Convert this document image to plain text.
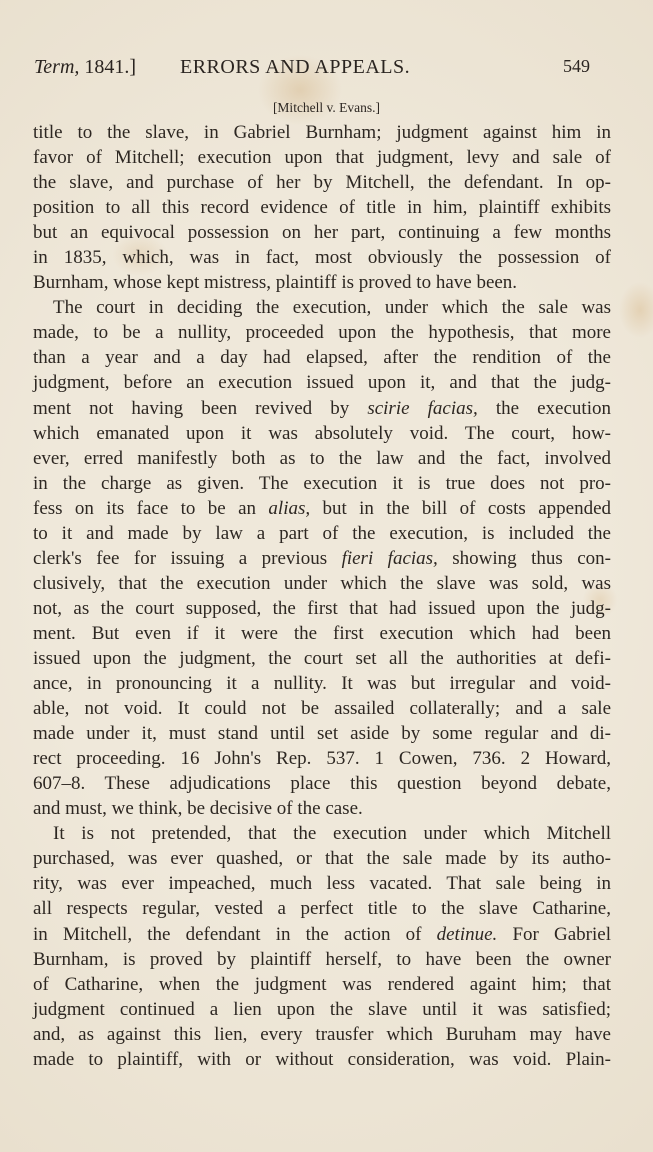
Term, 1841.] ERRORS AND APPEALS.	549
[Mitchell v. Evans.]
title to the slave, in Gabriel Burnham; judgment against him in
favor of Mitchell; execution upon that judgment, levy and sale of
the slave, and purchase of her by Mitchell, the defendant. In op-
position to all this record evidence of title in him, plaintiff exhibits
but an equivocal possession on her part, continuing a few months
in 1835, which, was in fact, most obviously the possession of
Burnham, whose kept mistress, plaintiff is proved to have been.
The court in deciding the execution, under which the sale was
made, to be a nullity, proceeded upon the hypothesis, that more
than a year and a day had elapsed, after the rendition of the
judgment, before an execution issued upon it, and that the judg-
ment not having been revived by scirie facias, the execution
which emanated upon it was absolutely void. The court, how-
ever, erred manifestly both as to the law and the fact, involved
in the charge as given. The execution it is true does not pro-
fess on its face to be an alias, but in the bill of costs appended
to it and made by law a part of the execution, is included the
clerk's fee for issuing a previous fieri facias, showing thus con-
clusively, that the execution under which the slave was sold, was
not, as the court supposed, the first that had issued upon the judg-
ment. But even if it were the first execution which had been
issued upon the judgment, the court set all the authorities at defi-
ance, in pronouncing it a nullity. It was but irregular and void-
able, not void. It could not be assailed collaterally; and a sale
made under it, must stand until set aside by some regular and di-
rect proceeding. 16 John's Rep. 537. 1 Cowen, 736. 2 Howard,
607–8. These adjudications place this question beyond debate,
and must, we think, be decisive of the case.
It is not pretended, that the execution under which Mitchell
purchased, was ever quashed, or that the sale made by its autho-
rity, was ever impeached, much less vacated. That sale being in
all respects regular, vested a perfect title to the slave Catharine,
in Mitchell, the defendant in the action of detinue. For Gabriel
Burnham, is proved by plaintiff herself, to have been the owner
of Catharine, when the judgment was rendered againt him; that
judgment continued a lien upon the slave until it was satisfied;
and, as against this lien, every trausfer which Buruham may have
made to plaintiff, with or without consideration, was void. Plain-
